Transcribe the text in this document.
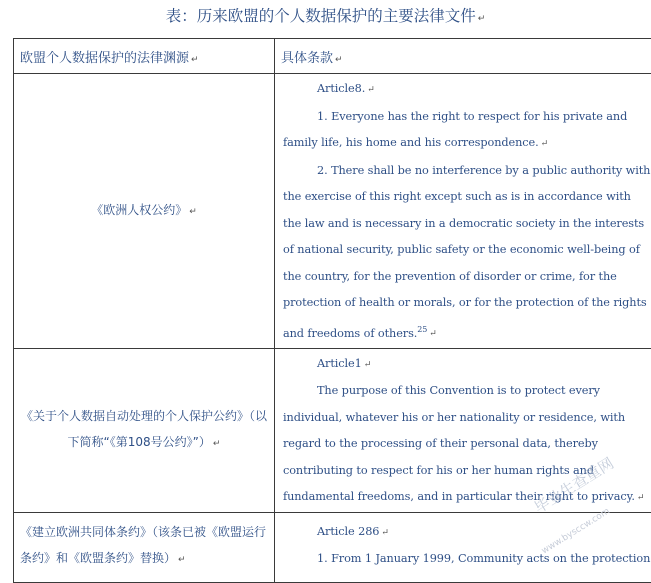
表：历来欧盟的个人数据保护的主要法律文件 ↵
欧盟个人数据保护的法律渊源 ↵	具体条款 ↵
《欧洲人权公约》 ↵	Article8. ↵

1. Everyone has the right to respect for his private and family life, his home and his correspondence. ↵

2. There shall be no interference by a public authority with the exercise of this right except such as is in accordance with the law and is necessary in a democratic society in the interests of national security, public safety or the economic well-being of the country, for the prevention of disorder or crime, for the protection of health or morals, or for the protection of the rights and freedoms of others.$^{25}$↵

《关于个人数据自动处理的个人保护公约》（以下简称“《第108号公约》”） ↵	Article1 ↵

The purpose of this Convention is to protect every individual, whatever his or her nationality or residence, with regard to the processing of their personal data, thereby contributing to respect for his or her human rights and fundamental freedoms, and in particular their right to privacy. ↵

《建立欧洲共同体条约》（该条已被《欧盟运行条约》和《欧盟条约》替换） ↵	Article 286 ↵

1. From 1 January 1999, Community acts on the protection

毕业生查重网
www.bysccw.com
